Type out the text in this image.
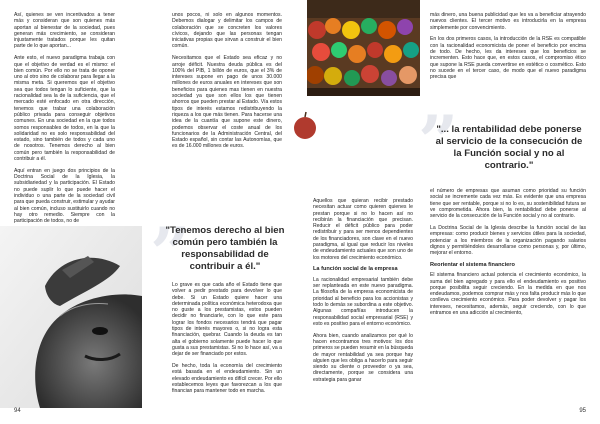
Así, quienes se ven incentivados a tener más y consideran que son quienes más aportan al bienestar de la sociedad, pues generan más crecimiento, se consideran injustamente tratados porque les quitan parte de lo que aportan...

Ante esto, el nuevo paradigma trabaja con que el objetivo de verdad es el mismo: el bien común. Por ello no se trata de oponer uno al otro sino de colaborar para llegar a la misma meta. Si queremos que el objetivo sea que todos tengan lo suficiente, que la racionalidad sea la de la suficiencia, que el mercado esté enfocado en otra dirección, tenemos que trabar una colaboración público privada para conseguir objetivos comunes. En una sociedad en la que todos somos responsables de todos, en la que la solidaridad no es solo responsabilidad del estado, sino también de todos y cada uno de nosotros. Tenemos derecho al bien común pero también la responsabilidad de contribuir a él.

Aquí entran en juego dos principios de la Doctrina Social de la Iglesia, la subsidiariedad y la participación. El Estado no puede suplir lo que puede hacer el individuo o una parte de la sociedad civil para que pueda construir, estimular y ayudar al bien común, incluso sustituirlo cuando no hay otro remedio. Siempre con la participación de todos, no de

unos pocos, ni solo en algunos momentos. Debemos dialogar y delimitar los campos de colaboración que se concreten los valores cívicos, dejando que las personas tengan iniciativas propias que sirvan a construir el bien común.

Necesitamos que el Estado sea eficaz y no arroje déficit. Nuestra deuda pública es del 100% del PIB, 1 billón de euros, que el 3% de intereses supone en pago de unos 30.000 millones de euros anuales en intereses que son beneficios para quienes mas tienen en nuestra sociedad ya que son ellos los que tienen ahorros que pueden prestar al Estado. Vía estos tipos de interés estamos redistribuyendo la riqueza a los que más tienen. Para hacerse una idea de la cuantía que supone este dinero, podemos observar el coste anual de los funcionarios de la Administración Central, del Estado español, sin contar las Autonomías, que es de 16.000 millones de euros.

”
"Tenemos derecho al bien común pero también la responsabilidad de contribuir a él."

Lo grave es que cada año el Estado tiene que volver a pedir prestado para devolver lo que debe. Si un Estado quiere hacer una determinada política económica heterodoxa que no guste a los prestamistas, estos pueden decidir no financiarle, con lo que este para lograr los fondos necesarios tendrá que pagar tipos de interés mayores o, si no logra esta financiación, quebrar. Cuando la deuda es tan alta el gobierno solamente puede hacer lo que gusta a sus prestamistas. Si no lo hace así, va a dejar de ser financiado por estos.

De hecho, toda la economía del crecimiento está basada en el endeudamiento. Sin un elevado endeudamiento es difícil crecer. Por ello establecemos leyes que favorezcan a los que financian para mantener todo en marcha.

94

Aquellos que quieran recibir prestado necesitan actuar como quieren quienes le prestan porque si no lo hacen así no recibirán la financiación que precisan. Reducir el déficit público para poder redistribuir y para ser menos dependientes de los financiadores, son clave en el nuevo paradigma, al igual que reducir los niveles de endeudamiento actuales que son uno de los motores del crecimiento económico.

La función social de la empresa

La racionalidad empresarial también debe ser replanteada en este nuevo paradigma. La filosofía de la empresa economicista de prioridad al beneficio para los accionistas y todo lo demás se subordina a este objetivo. Algunas compañías introducen la responsabilidad social empresarial (RSE) y esto es positivo para el entorno económico.

Ahora bien, cuando analizamos por qué lo hacen encontramos tres motivos: los dos primeros se pueden resumir en la búsqueda de mayor rentabilidad ya sea porque hay alguien que les obliga a hacerlo para seguir siendo su cliente o proveedor o ya sea, directamente, porque se considera una estrategia para ganar

más dinero, una buena publicidad que les va a beneficiar atrayendo nuevos clientes. El tercer motivo es introducirla en la empresa simplemente por convencimiento.

En los dos primeros casos, la introducción de la RSE es compatible con la racionalidad economicista de poner el beneficio por encima de todo. De hecho, les da intereses que los beneficios se incrementen. Esto hace que, en estos casos, el compromiso ético que supone la RSE pueda convertirse en estético o cosmético. Esto no sucede en el tercer caso, de modo que el nuevo paradigma precisa que

”
"... la rentabilidad debe ponerse al servicio de la consecución de la Función social y no al contrario."

el número de empresas que asuman como prioridad su función social se incremente cada vez más. Es evidente que una empresa tiene que ser rentable, porque si no lo es, su sostenibilidad futura se ve comprometida. Ahora bien, la rentabilidad debe ponerse al servicio de la consecución de la Función social y no al contrario.

La Doctrina Social de la Iglesia describe la función social de las empresas: como producir bienes y servicios útiles para la sociedad, potenciar a los miembros de la organización pagando salarios dignos y permitiéndoles desarrollarse como personas y, por último, mejorar el entorno.

Reorientar el sistema financiero

El sistema financiero actual potencia el crecimiento económico, la suma del bien agregado y para ello el endeudamiento es positivo porque posibilita seguir creciendo. En la medida en que nos endeudamos, podemos comprar más y nos falta producir más lo que conlleva crecimiento económico. Para poder devolver y pagar los intereses, necesitamos, además, seguir creciendo, con lo que entramos en una adicción al crecimiento,

95
